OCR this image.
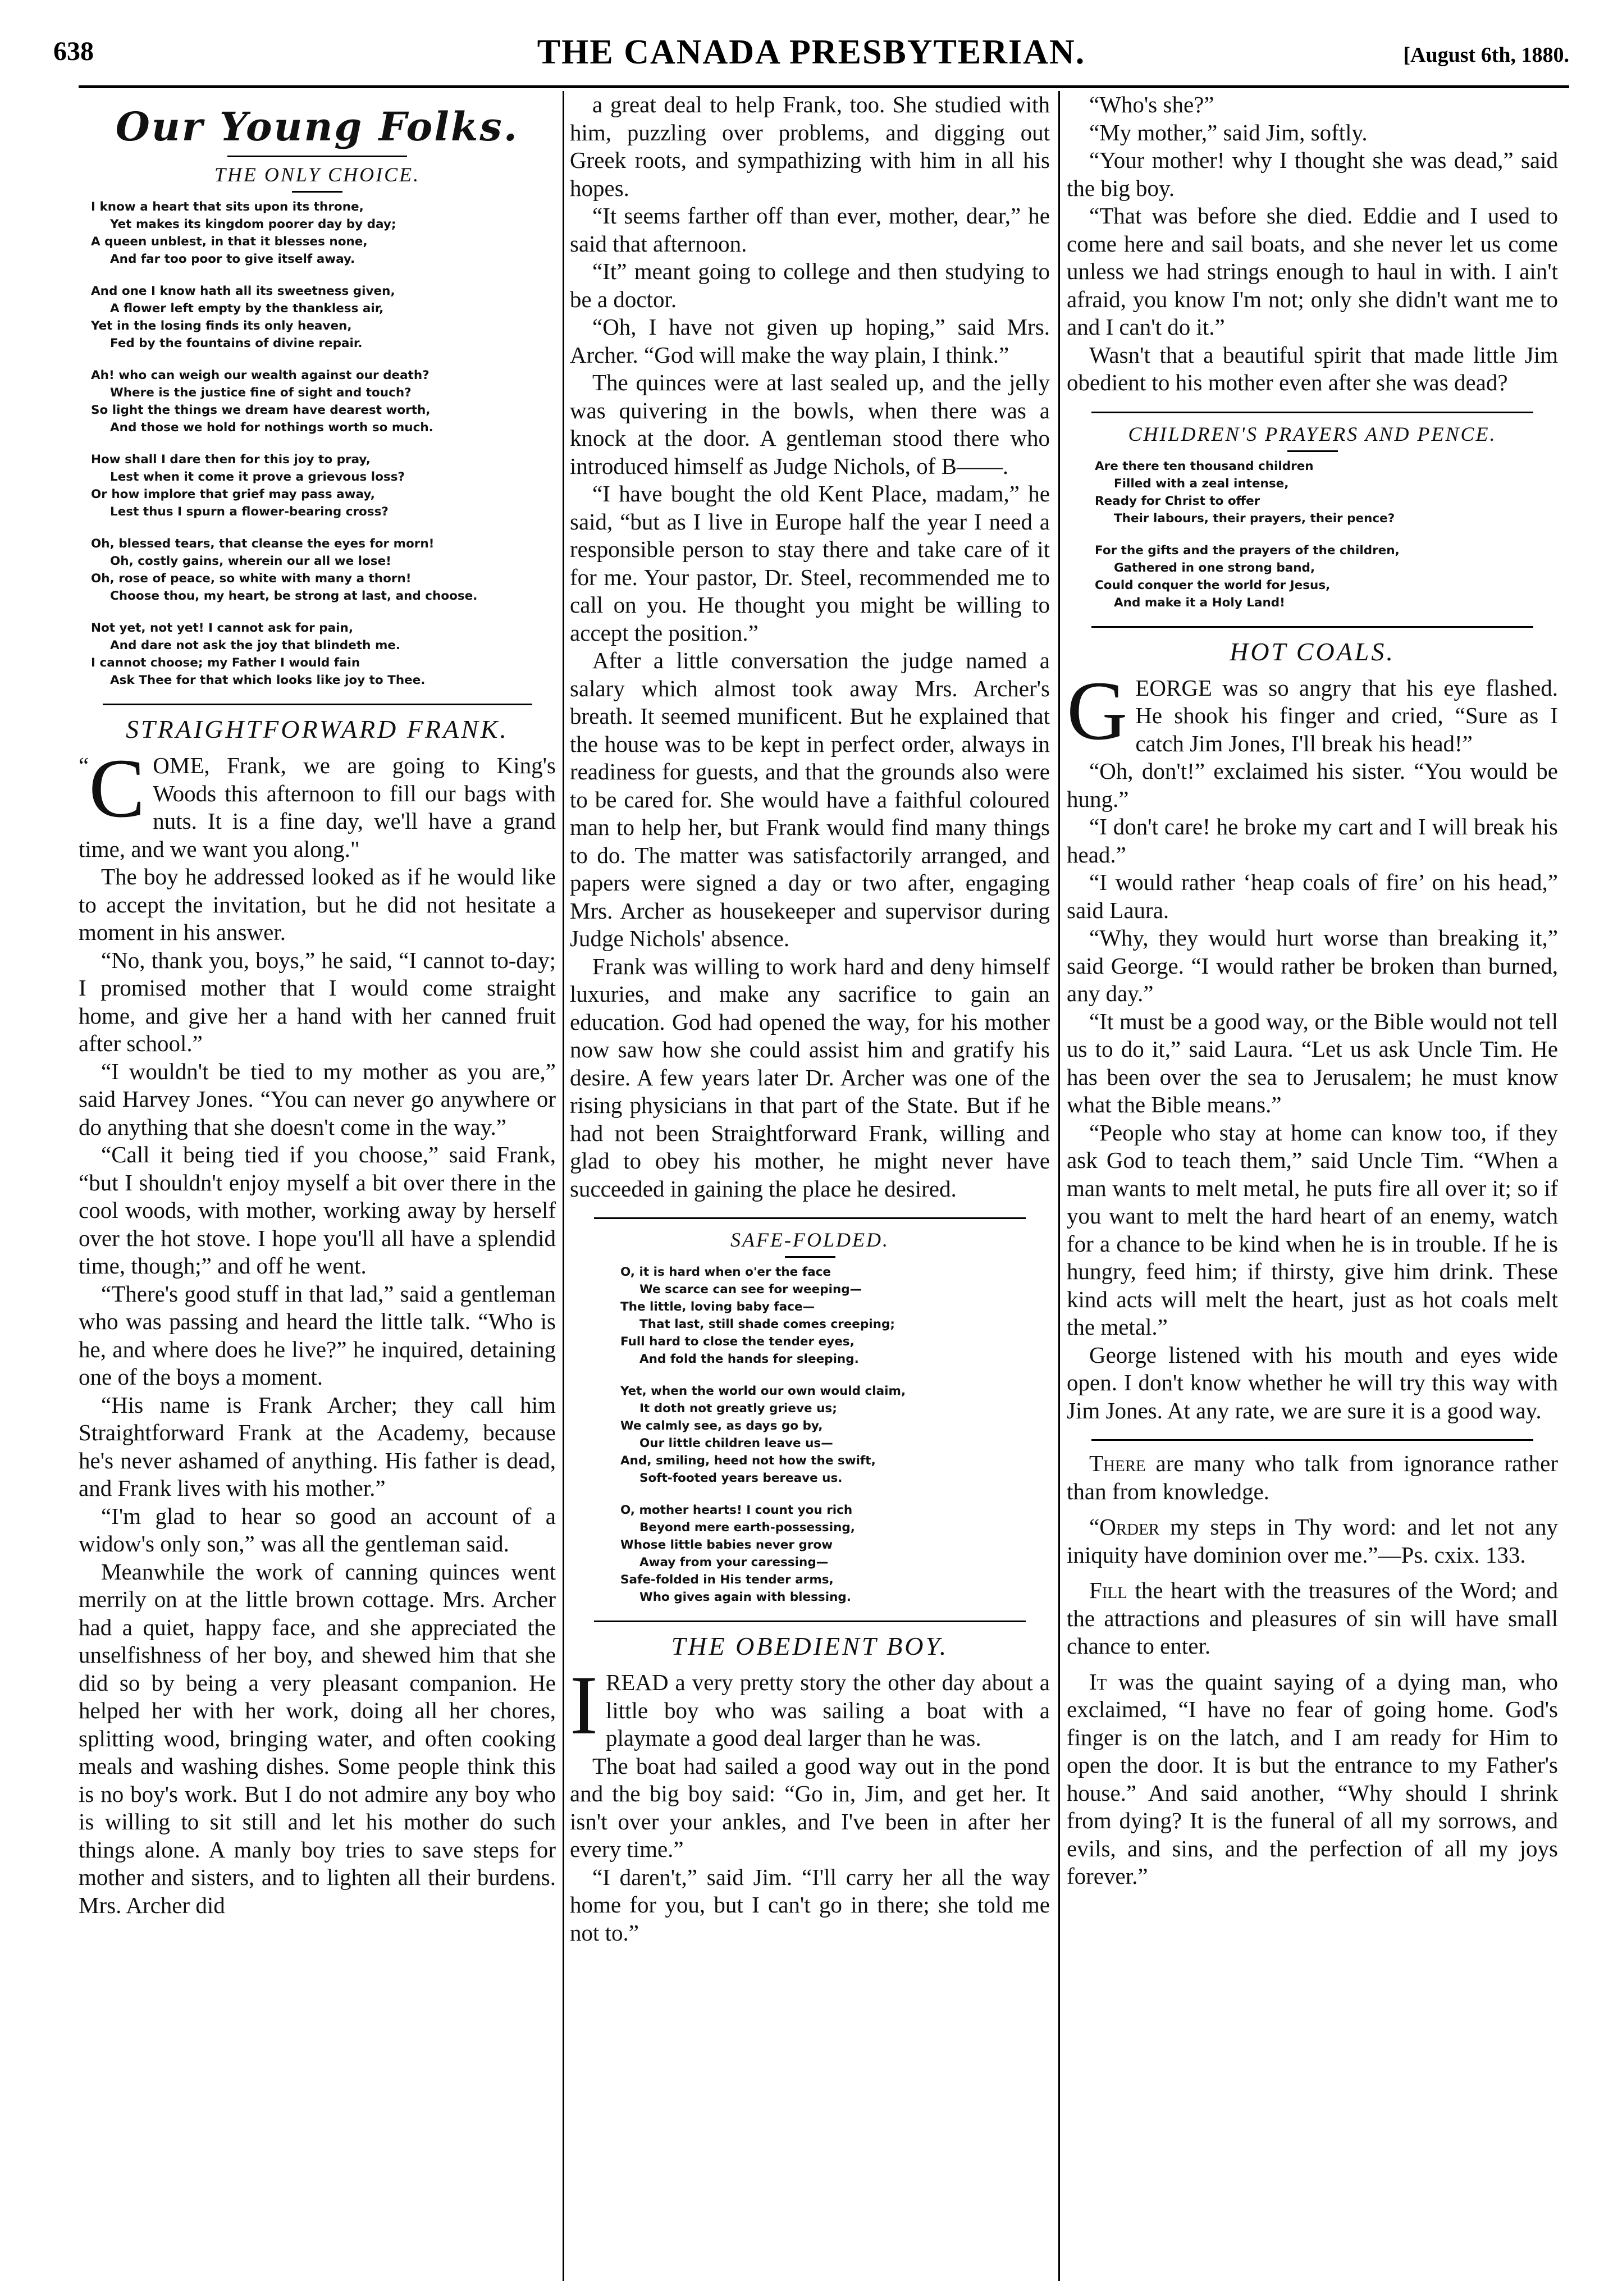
638	THE CANADA PRESBYTERIAN.	[August 6th, 1880.
Our Young Folks.
THE ONLY CHOICE.
I know a heart that sits upon its throne,
Yet makes its kingdom poorer day by day;
A queen unblest, in that it blesses none,
And far too poor to give itself away.
And one I know hath all its sweetness given,
A flower left empty by the thankless air,
Yet in the losing finds its only heaven,
Fed by the fountains of divine repair.
Ah! who can weigh our wealth against our death?
Where is the justice fine of sight and touch?
So light the things we dream have dearest worth,
And those we hold for nothings worth so much.
How shall I dare then for this joy to pray,
Lest when it come it prove a grievous loss?
Or how implore that grief may pass away,
Lest thus I spurn a flower-bearing cross?
Oh, blessed tears, that cleanse the eyes for morn!
Oh, costly gains, wherein our all we lose!
Oh, rose of peace, so white with many a thorn!
Choose thou, my heart, be strong at last, and choose.
Not yet, not yet! I cannot ask for pain,
And dare not ask the joy that blindeth me.
I cannot choose; my Father I would fain
Ask Thee for that which looks like joy to Thee.
STRAIGHTFORWARD FRANK.

“ C OME, Frank, we are going to King's Woods this afternoon to fill our bags with nuts. It is a fine day, we'll have a grand time, and we want you along."

The boy he addressed looked as if he would like to accept the invitation, but he did not hesitate a moment in his answer.

“No, thank you, boys,” he said, “I cannot to-day; I promised mother that I would come straight home, and give her a hand with her canned fruit after school.”

“I wouldn't be tied to my mother as you are,” said Harvey Jones. “You can never go anywhere or do anything that she doesn't come in the way.”

“Call it being tied if you choose,” said Frank, “but I shouldn't enjoy myself a bit over there in the cool woods, with mother, working away by herself over the hot stove. I hope you'll all have a splendid time, though;” and off he went.

“There's good stuff in that lad,” said a gentleman who was passing and heard the little talk. “Who is he, and where does he live?” he inquired, detaining one of the boys a moment.

“His name is Frank Archer; they call him Straightforward Frank at the Academy, because he's never ashamed of anything. His father is dead, and Frank lives with his mother.”

“I'm glad to hear so good an account of a widow's only son,” was all the gentleman said.

Meanwhile the work of canning quinces went merrily on at the little brown cottage. Mrs. Archer had a quiet, happy face, and she appreciated the unselfishness of her boy, and shewed him that she did so by being a very pleasant companion. He helped her with her work, doing all her chores, splitting wood, bringing water, and often cooking meals and washing dishes. Some people think this is no boy's work. But I do not admire any boy who is willing to sit still and let his mother do such things alone. A manly boy tries to save steps for mother and sisters, and to lighten all their burdens. Mrs. Archer did

a great deal to help Frank, too. She studied with him, puzzling over problems, and digging out Greek roots, and sympathizing with him in all his hopes.

“It seems farther off than ever, mother, dear,” he said that afternoon.

“It” meant going to college and then studying to be a doctor.

“Oh, I have not given up hoping,” said Mrs. Archer. “God will make the way plain, I think.”

The quinces were at last sealed up, and the jelly was quivering in the bowls, when there was a knock at the door. A gentleman stood there who introduced himself as Judge Nichols, of B——.

“I have bought the old Kent Place, madam,” he said, “but as I live in Europe half the year I need a responsible person to stay there and take care of it for me. Your pastor, Dr. Steel, recommended me to call on you. He thought you might be willing to accept the position.”

After a little conversation the judge named a salary which almost took away Mrs. Archer's breath. It seemed munificent. But he explained that the house was to be kept in perfect order, always in readiness for guests, and that the grounds also were to be cared for. She would have a faithful coloured man to help her, but Frank would find many things to do. The matter was satisfactorily arranged, and papers were signed a day or two after, engaging Mrs. Archer as housekeeper and supervisor during Judge Nichols' absence.

Frank was willing to work hard and deny himself luxuries, and make any sacrifice to gain an education. God had opened the way, for his mother now saw how she could assist him and gratify his desire. A few years later Dr. Archer was one of the rising physicians in that part of the State. But if he had not been Straightforward Frank, willing and glad to obey his mother, he might never have succeeded in gaining the place he desired.

SAFE-FOLDED.
O, it is hard when o'er the face
We scarce can see for weeping—
The little, loving baby face—
That last, still shade comes creeping;
Full hard to close the tender eyes,
And fold the hands for sleeping.
Yet, when the world our own would claim,
It doth not greatly grieve us;
We calmly see, as days go by,
Our little children leave us—
And, smiling, heed not how the swift,
Soft-footed years bereave us.
O, mother hearts! I count you rich
Beyond mere earth-possessing,
Whose little babies never grow
Away from your caressing—
Safe-folded in His tender arms,
Who gives again with blessing.
THE OBEDIENT BOY.

IREAD a very pretty story the other day about a little boy who was sailing a boat with a playmate a good deal larger than he was.

The boat had sailed a good way out in the pond and the big boy said: “Go in, Jim, and get her. It isn't over your ankles, and I've been in after her every time.”

“I daren't,” said Jim. “I'll carry her all the way home for you, but I can't go in there; she told me not to.”

“Who's she?”

“My mother,” said Jim, softly.

“Your mother! why I thought she was dead,” said the big boy.

“That was before she died. Eddie and I used to come here and sail boats, and she never let us come unless we had strings enough to haul in with. I ain't afraid, you know I'm not; only she didn't want me to and I can't do it.”

Wasn't that a beautiful spirit that made little Jim obedient to his mother even after she was dead?

CHILDREN'S PRAYERS AND PENCE.
Are there ten thousand children
Filled with a zeal intense,
Ready for Christ to offer
Their labours, their prayers, their pence?
For the gifts and the prayers of the children,
Gathered in one strong band,
Could conquer the world for Jesus,
And make it a Holy Land!
HOT COALS.

GEORGE was so angry that his eye flashed. He shook his finger and cried, “Sure as I catch Jim Jones, I'll break his head!”

“Oh, don't!” exclaimed his sister. “You would be hung.”

“I don't care! he broke my cart and I will break his head.”

“I would rather ‘heap coals of fire’ on his head,” said Laura.

“Why, they would hurt worse than breaking it,” said George. “I would rather be broken than burned, any day.”

“It must be a good way, or the Bible would not tell us to do it,” said Laura. “Let us ask Uncle Tim. He has been over the sea to Jerusalem; he must know what the Bible means.”

“People who stay at home can know too, if they ask God to teach them,” said Uncle Tim. “When a man wants to melt metal, he puts fire all over it; so if you want to melt the hard heart of an enemy, watch for a chance to be kind when he is in trouble. If he is hungry, feed him; if thirsty, give him drink. These kind acts will melt the heart, just as hot coals melt the metal.”

George listened with his mouth and eyes wide open. I don't know whether he will try this way with Jim Jones. At any rate, we are sure it is a good way.

There are many who talk from ignorance rather than from knowledge.

“Order my steps in Thy word: and let not any iniquity have dominion over me.”—Ps. cxix. 133.

Fill the heart with the treasures of the Word; and the attractions and pleasures of sin will have small chance to enter.

It was the quaint saying of a dying man, who exclaimed, “I have no fear of going home. God's finger is on the latch, and I am ready for Him to open the door. It is but the entrance to my Father's house.” And said another, “Why should I shrink from dying? It is the funeral of all my sorrows, and evils, and sins, and the perfection of all my joys forever.”
